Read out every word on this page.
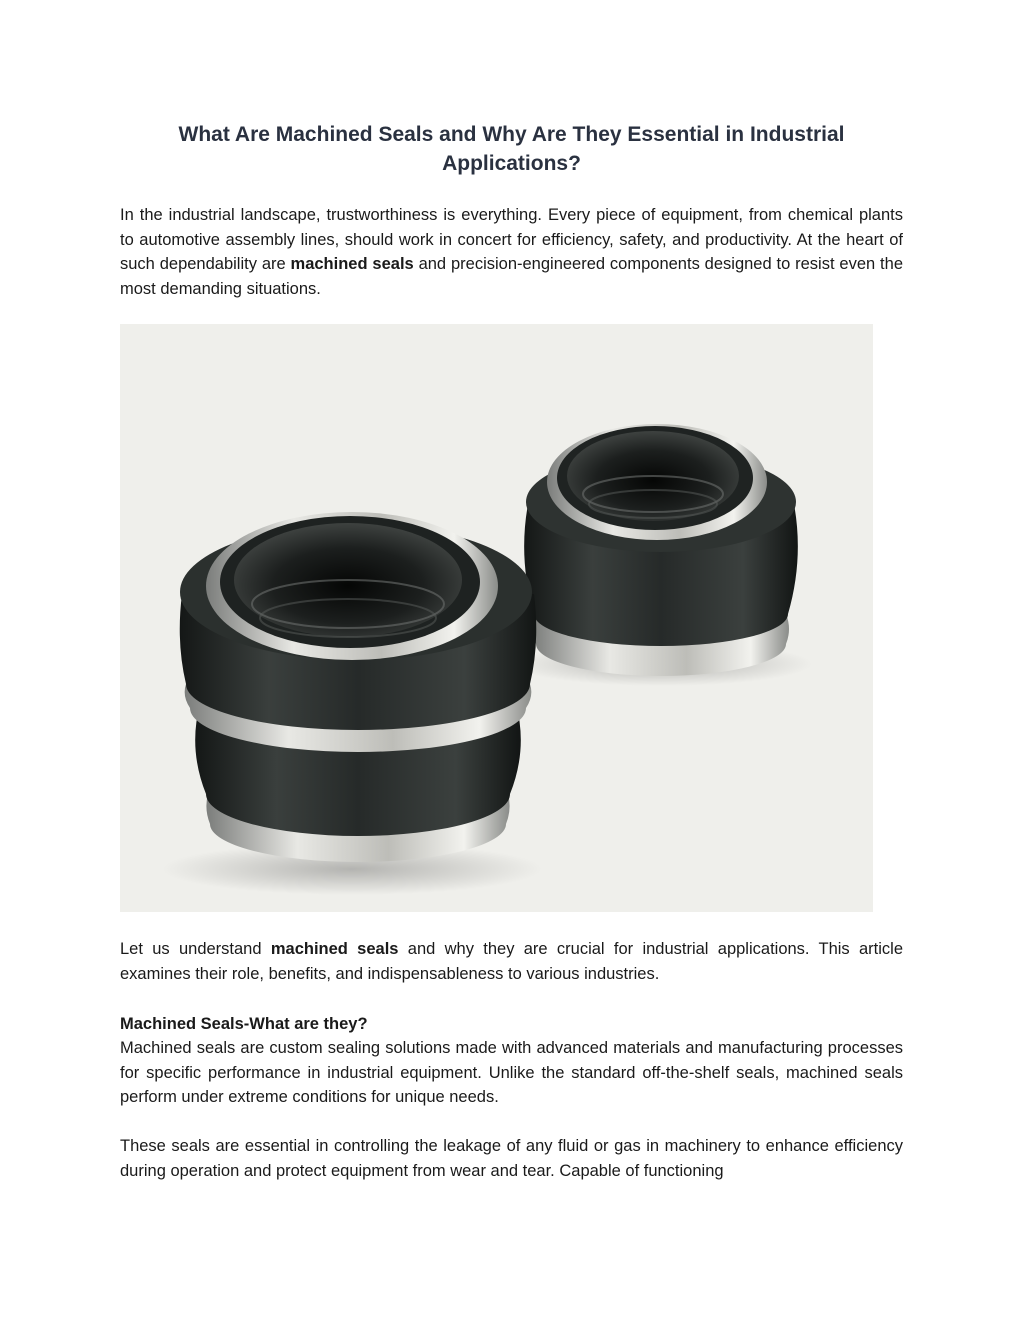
What Are Machined Seals and Why Are They Essential in Industrial
Applications?

In the industrial landscape, trustworthiness is everything. Every piece of equipment, from chemical plants to automotive assembly lines, should work in concert for efficiency, safety, and productivity. At the heart of such dependability are machined seals and precision-engineered components designed to resist even the most demanding situations.

Let us understand machined seals and why they are crucial for industrial applications. This article examines their role, benefits, and indispensableness to various industries.

Machined Seals-What are they?

Machined seals are custom sealing solutions made with advanced materials and manufacturing processes for specific performance in industrial equipment. Unlike the standard off-the-shelf seals, machined seals perform under extreme conditions for unique needs.

These seals are essential in controlling the leakage of any fluid or gas in machinery to enhance efficiency during operation and protect equipment from wear and tear. Capable of functioning
